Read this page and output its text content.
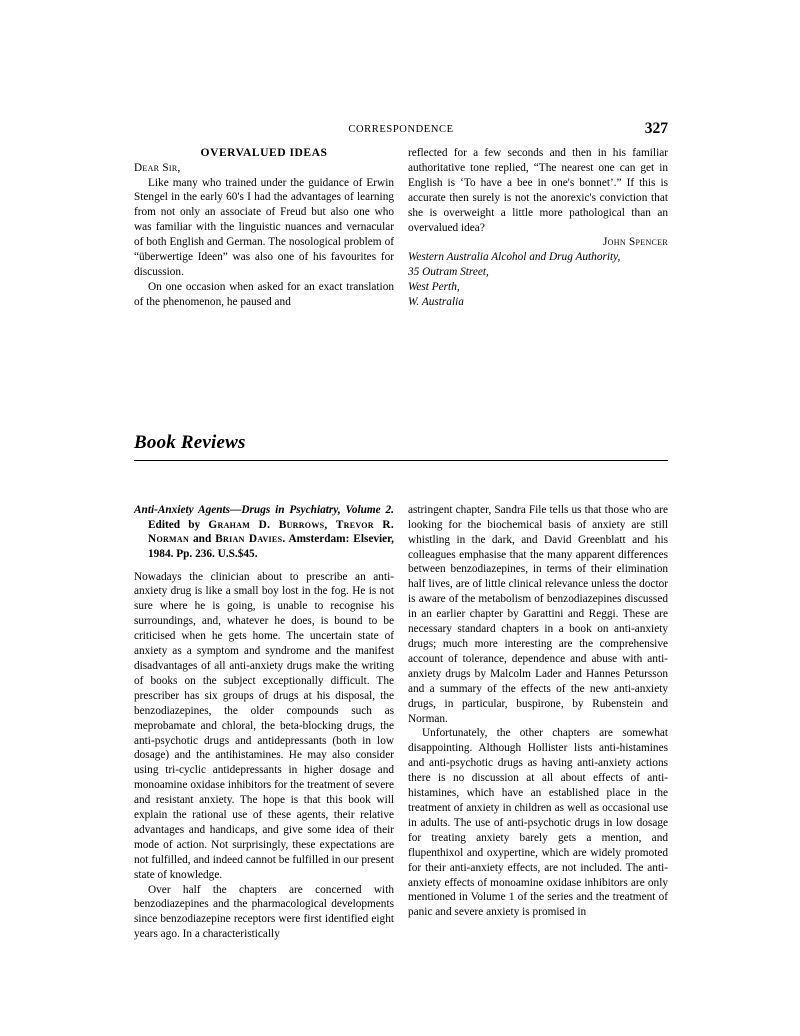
CORRESPONDENCE	327
OVERVALUED IDEAS
Dear Sir,

Like many who trained under the guidance of Erwin Stengel in the early 60's I had the advantages of learning from not only an associate of Freud but also one who was familiar with the linguistic nuances and vernacular of both English and German. The nosological problem of “überwertige Ideen” was also one of his favourites for discussion.

On one occasion when asked for an exact translation of the phenomenon, he paused and

reflected for a few seconds and then in his familiar authoritative tone replied, “The nearest one can get in English is ‘To have a bee in one's bonnet’.” If this is accurate then surely is not the anorexic's conviction that she is overweight a little more pathological than an overvalued idea?

John Spencer

Western Australia Alcohol and Drug Authority,

35 Outram Street,

West Perth,

W. Australia

Book Reviews

Anti-Anxiety Agents—Drugs in Psychiatry, Volume 2. Edited by Graham D. Burrows, Trevor R. Norman and Brian Davies. Amsterdam: Elsevier, 1984. Pp. 236. U.S.$45.

Nowadays the clinician about to prescribe an anti-anxiety drug is like a small boy lost in the fog. He is not sure where he is going, is unable to recognise his surroundings, and, whatever he does, is bound to be criticised when he gets home. The uncertain state of anxiety as a symptom and syndrome and the manifest disadvantages of all anti-anxiety drugs make the writing of books on the subject exceptionally difficult. The prescriber has six groups of drugs at his disposal, the benzodiazepines, the older compounds such as meprobamate and chloral, the beta-blocking drugs, the anti-psychotic drugs and antidepressants (both in low dosage) and the antihistamines. He may also consider using tri-cyclic antidepressants in higher dosage and monoamine oxidase inhibitors for the treatment of severe and resistant anxiety. The hope is that this book will explain the rational use of these agents, their relative advantages and handicaps, and give some idea of their mode of action. Not surprisingly, these expectations are not fulfilled, and indeed cannot be fulfilled in our present state of knowledge.

Over half the chapters are concerned with benzodiazepines and the pharmacological developments since benzodiazepine receptors were first identified eight years ago. In a characteristically

astringent chapter, Sandra File tells us that those who are looking for the biochemical basis of anxiety are still whistling in the dark, and David Greenblatt and his colleagues emphasise that the many apparent differences between benzodiazepines, in terms of their elimination half lives, are of little clinical relevance unless the doctor is aware of the metabolism of benzodiazepines discussed in an earlier chapter by Garattini and Reggi. These are necessary standard chapters in a book on anti-anxiety drugs; much more interesting are the comprehensive account of tolerance, dependence and abuse with anti-anxiety drugs by Malcolm Lader and Hannes Petursson and a summary of the effects of the new anti-anxiety drugs, in particular, buspirone, by Rubenstein and Norman.

Unfortunately, the other chapters are somewhat disappointing. Although Hollister lists anti-histamines and anti-psychotic drugs as having anti-anxiety actions there is no discussion at all about effects of anti-histamines, which have an established place in the treatment of anxiety in children as well as occasional use in adults. The use of anti-psychotic drugs in low dosage for treating anxiety barely gets a mention, and flupenthixol and oxypertine, which are widely promoted for their anti-anxiety effects, are not included. The anti-anxiety effects of monoamine oxidase inhibitors are only mentioned in Volume 1 of the series and the treatment of panic and severe anxiety is promised in
